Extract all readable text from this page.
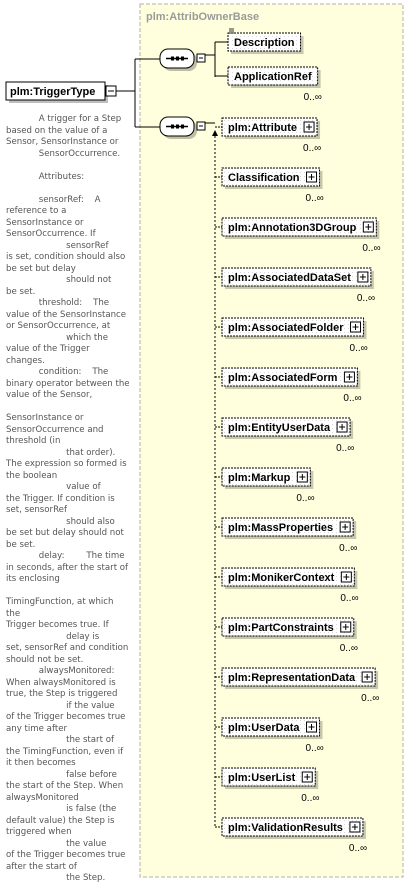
plm:AttribOwnerBase
plm:TriggerType
Description
ApplicationRef
0..∞
plm:Attribute
0..∞
Classification
0..∞
plm:Annotation3DGroup
0..∞
plm:AssociatedDataSet
0..∞
plm:AssociatedFolder
0..∞
plm:AssociatedForm
0..∞
plm:EntityUserData
0..∞
plm:Markup
0..∞
plm:MassProperties
0..∞
plm:MonikerContext
0..∞
plm:PartConstraints
0..∞
plm:RepresentationData
0..∞
plm:UserData
0..∞
plm:UserList
0..∞
plm:ValidationResults
0..∞
A trigger for a Step
based on the value of a
Sensor, SensorInstance or
SensorOccurrence.

Attributes:

sensorRef:    A
reference to a
SensorInstance or
SensorOccurrence. If
sensorRef
is set, condition should also
be set but delay
should not
be set.
threshold:    The
value of the SensorInstance
or SensorOccurrence, at
which the
value of the Trigger
changes.
condition:    The
binary operator between the
value of the Sensor,

SensorInstance or
SensorOccurrence and
threshold (in
that order).
The expression so formed is
the boolean
value of
the Trigger. If condition is
set, sensorRef
should also
be set but delay should not
be set.
delay:        The time
in seconds, after the start of
its enclosing

TimingFunction, at which the
Trigger becomes true. If
delay is
set, sensorRef and condition
should not be set.
alwaysMonitored:
When alwaysMonitored is
true, the Step is triggered
if the value
of the Trigger becomes true
any time after
the start of
the TimingFunction, even if
it then becomes
false before
the start of the Step. When
alwaysMonitored
is false (the
default value) the Step is
triggered when
the value
of the Trigger becomes true
after the start of
the Step.
